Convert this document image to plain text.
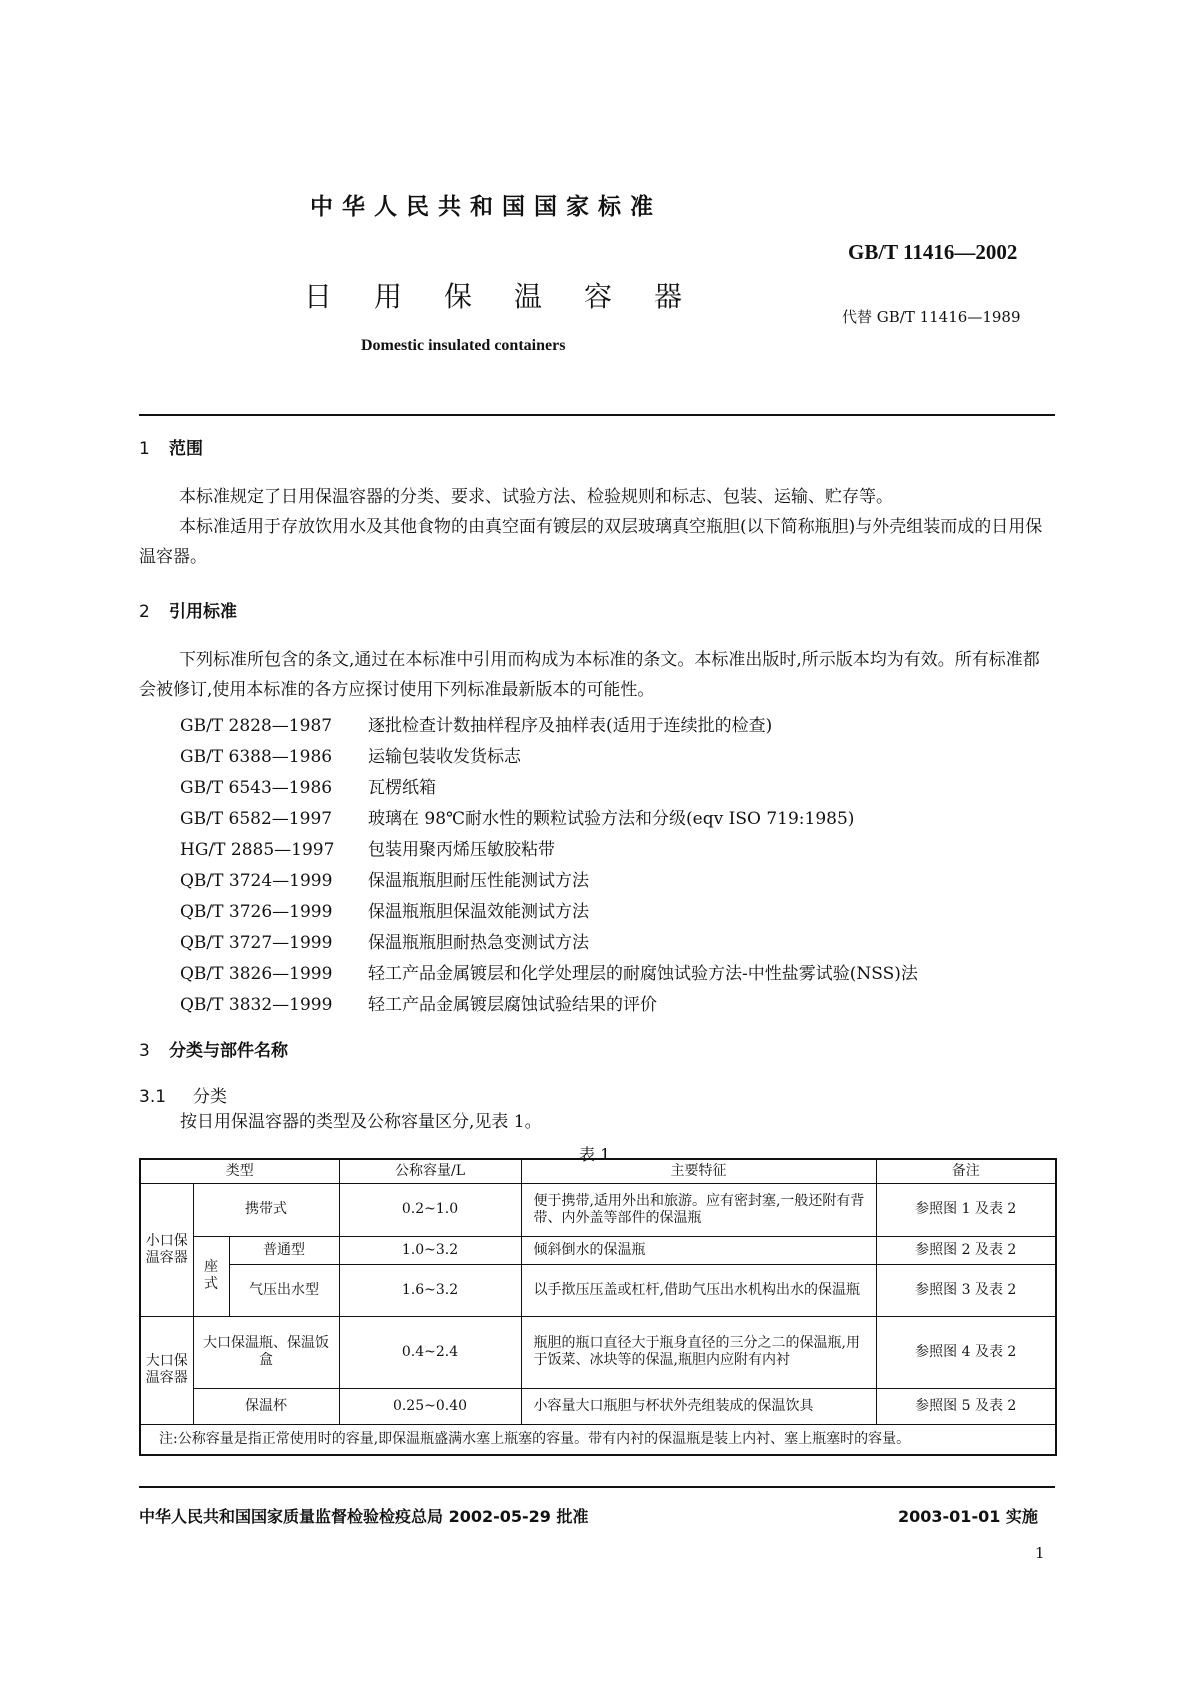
中华人民共和国国家标准
GB/T 11416—2002
日用保温容器
代替 GB/T 11416—1989
Domestic insulated containers
1 范围
本标准规定了日用保温容器的分类、要求、试验方法、检验规则和标志、包装、运输、贮存等。
本标准适用于存放饮用水及其他食物的由真空面有镀层的双层玻璃真空瓶胆(以下简称瓶胆)与外壳组装而成的日用保温容器。
2 引用标准
下列标准所包含的条文,通过在本标准中引用而构成为本标准的条文。本标准出版时,所示版本均为有效。所有标准都会被修订,使用本标准的各方应探讨使用下列标准最新版本的可能性。
GB/T 2828—1987 逐批检查计数抽样程序及抽样表(适用于连续批的检查)
GB/T 6388—1986 运输包装收发货标志
GB/T 6543—1986 瓦楞纸箱
GB/T 6582—1997 玻璃在 98℃耐水性的颗粒试验方法和分级(eqv ISO 719:1985)
HG/T 2885—1997 包装用聚丙烯压敏胶粘带
QB/T 3724—1999 保温瓶瓶胆耐压性能测试方法
QB/T 3726—1999 保温瓶瓶胆保温效能测试方法
QB/T 3727—1999 保温瓶瓶胆耐热急变测试方法
QB/T 3826—1999 轻工产品金属镀层和化学处理层的耐腐蚀试验方法-中性盐雾试验(NSS)法
QB/T 3832—1999 轻工产品金属镀层腐蚀试验结果的评价
3 分类与部件名称
3.1 分类
按日用保温容器的类型及公称容量区分,见表 1。
表 1
类型			公称容量/L	主要特征	备注
小口保温容器	携带式		0.2~1.0	便于携带,适用外出和旅游。应有密封塞,一般还附有背带、内外盖等部件的保温瓶	参照图 1 及表 2
	座式	普通型	1.0~3.2	倾斜倒水的保温瓶	参照图 2 及表 2
		气压出水型	1.6~3.2	以手揿压压盖或杠杆,借助气压出水机构出水的保温瓶	参照图 3 及表 2
大口保温容器	大口保温瓶、保温饭盒		0.4~2.4	瓶胆的瓶口直径大于瓶身直径的三分之二的保温瓶,用于饭菜、冰块等的保温,瓶胆内应附有内衬	参照图 4 及表 2
	保温杯		0.25~0.40	小容量大口瓶胆与杯状外壳组装成的保温饮具	参照图 5 及表 2
注:公称容量是指正常使用时的容量,即保温瓶盛满水塞上瓶塞的容量。带有内衬的保温瓶是装上内衬、塞上瓶塞时的容量。					
中华人民共和国国家质量监督检验检疫总局 2002-05-29 批准	2003-01-01 实施
1
